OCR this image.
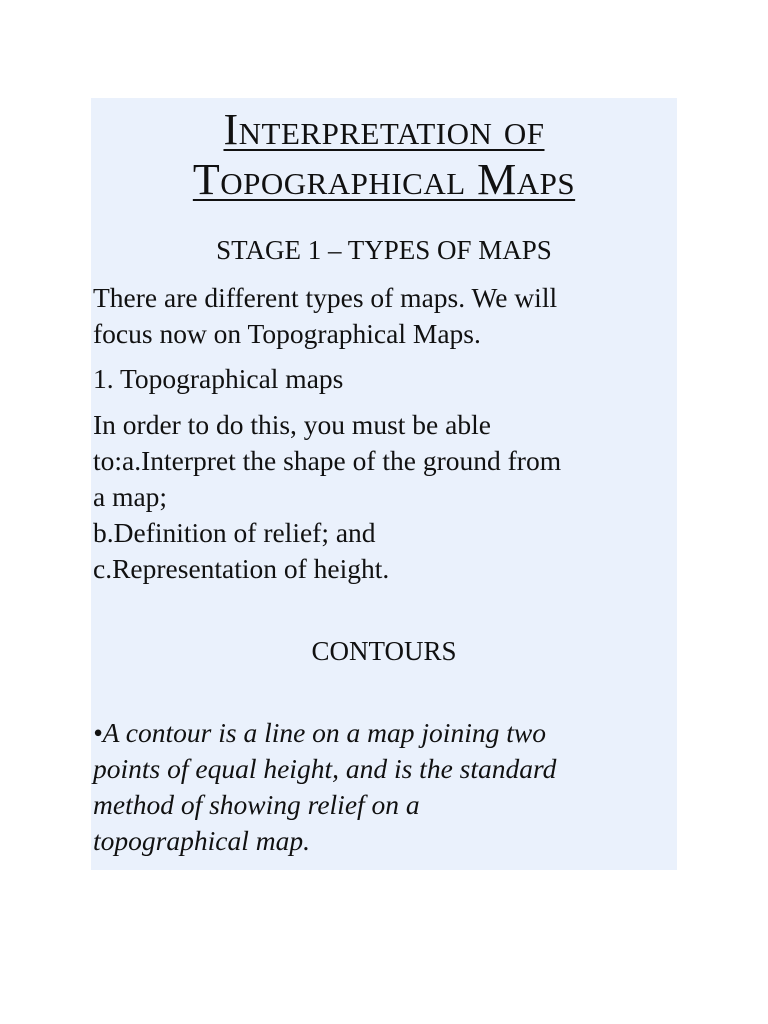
Interpretation of
Topographical Maps
STAGE 1 – TYPES OF MAPS
There are different types of maps. We will
focus now on Topographical Maps.
1. Topographical maps
In order to do this, you must be able
to:a.Interpret the shape of the ground from
a map;
b.Definition of relief; and
c.Representation of height.
CONTOURS
•A contour is a line on a map joining two
points of equal height, and is the standard
method of showing relief on a
topographical map.
